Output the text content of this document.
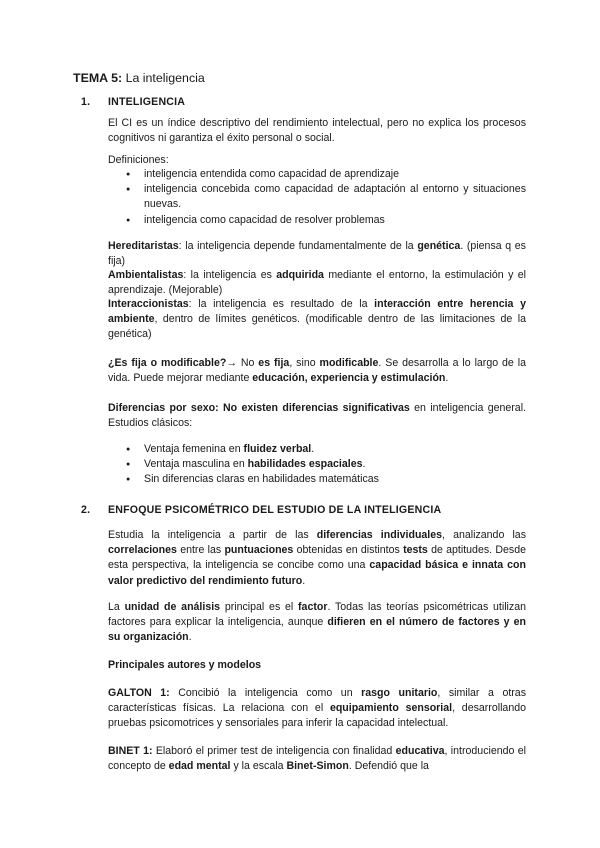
TEMA 5: La inteligencia
1. INTELIGENCIA

El CI es un índice descriptivo del rendimiento intelectual, pero no explica los procesos cognitivos ni garantiza el éxito personal o social.

Definiciones:

● inteligencia entendida como capacidad de aprendizaje
● inteligencia concebida como capacidad de adaptación al entorno y situaciones nuevas.
● inteligencia como capacidad de resolver problemas

Hereditaristas: la inteligencia depende fundamentalmente de la genética. (piensa q es fija)

Ambientalistas: la inteligencia es adquirida mediante el entorno, la estimulación y el aprendizaje. (Mejorable)

Interaccionistas: la inteligencia es resultado de la interacción entre herencia y ambiente, dentro de límites genéticos. (modificable dentro de las limitaciones de la genética)

¿Es fija o modificable?→ No es fija, sino modificable. Se desarrolla a lo largo de la vida. Puede mejorar mediante educación, experiencia y estimulación.

Diferencias por sexo: No existen diferencias significativas en inteligencia general. Estudios clásicos:

● Ventaja femenina en fluidez verbal.
● Ventaja masculina en habilidades espaciales.
● Sin diferencias claras en habilidades matemáticas
2. ENFOQUE PSICOMÉTRICO DEL ESTUDIO DE LA INTELIGENCIA

Estudia la inteligencia a partir de las diferencias individuales, analizando las correlaciones entre las puntuaciones obtenidas en distintos tests de aptitudes. Desde esta perspectiva, la inteligencia se concibe como una capacidad básica e innata con valor predictivo del rendimiento futuro.

La unidad de análisis principal es el factor. Todas las teorías psicométricas utilizan factores para explicar la inteligencia, aunque difieren en el número de factores y en su organización.

Principales autores y modelos

GALTON 1: Concibió la inteligencia como un rasgo unitario, similar a otras características físicas. La relaciona con el equipamiento sensorial, desarrollando pruebas psicomotrices y sensoriales para inferir la capacidad intelectual.

BINET 1: Elaboró el primer test de inteligencia con finalidad educativa, introduciendo el concepto de edad mental y la escala Binet-Simon. Defendió que la
